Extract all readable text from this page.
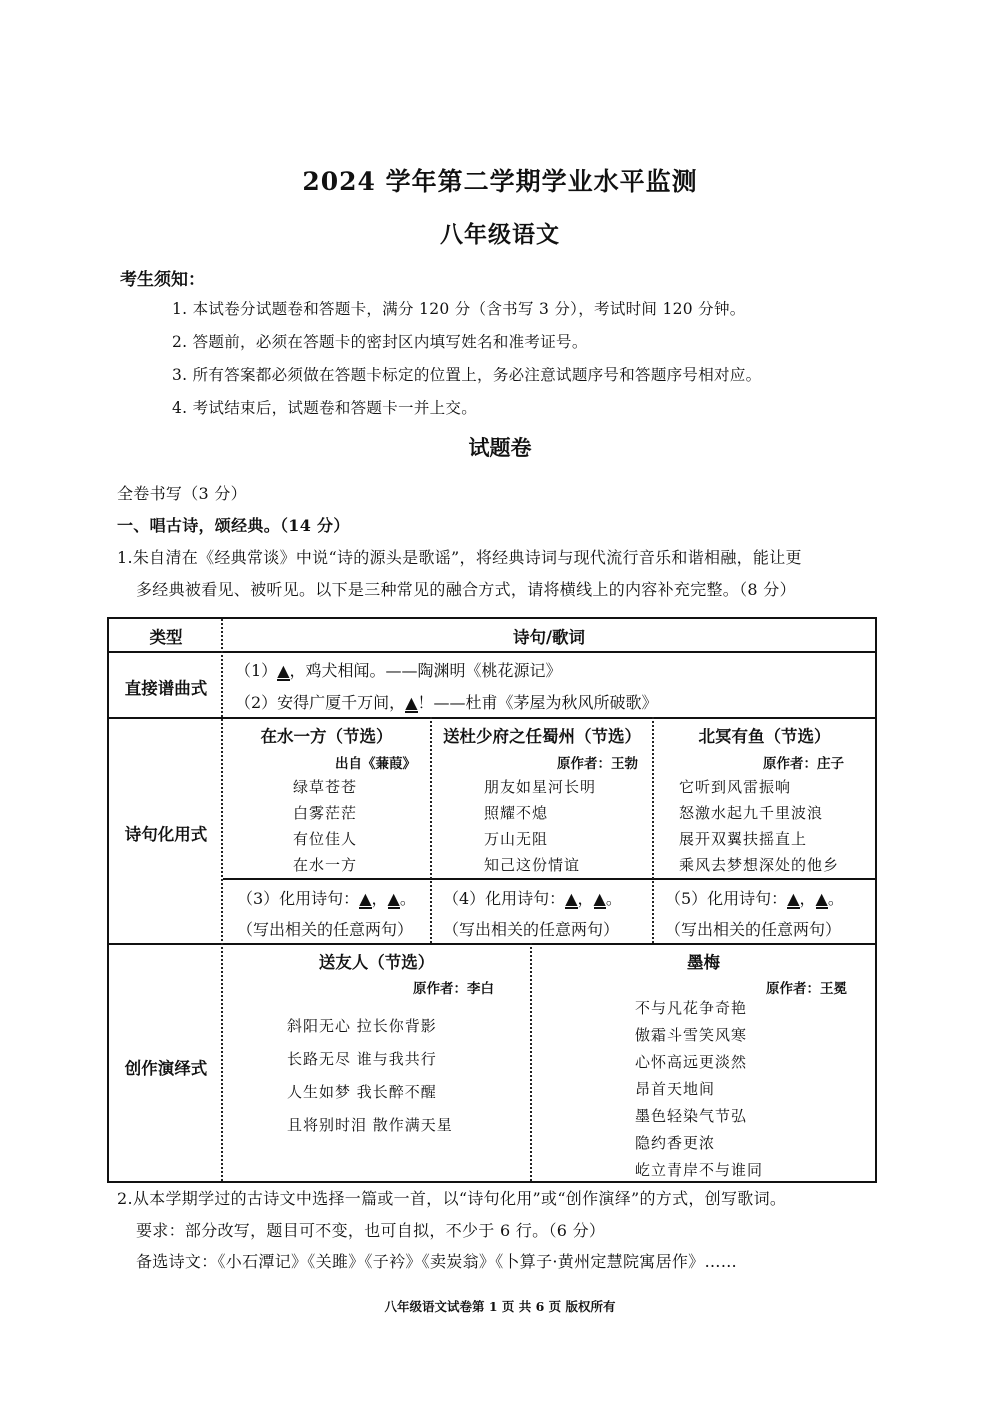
2024 学年第二学期学业水平监测
八年级语文
考生须知：
1. 本试卷分试题卷和答题卡，满分 120 分（含书写 3 分），考试时间 120 分钟。
2. 答题前，必须在答题卡的密封区内填写姓名和准考证号。
3. 所有答案都必须做在答题卡标定的位置上，务必注意试题序号和答题序号相对应。
4. 考试结束后，试题卷和答题卡一并上交。
试题卷
全卷书写（3 分）
一、唱古诗，颂经典。（14 分）
1.朱自清在《经典常谈》中说“诗的源头是歌谣”，将经典诗词与现代流行音乐和谐相融，能让更
多经典被看见、被听见。以下是三种常见的融合方式，请将横线上的内容补充完整。（8 分）
类型	诗句/歌词
直接谱曲式
（1）▲，鸡犬相闻。——陶渊明《桃花源记》
（2）安得广厦千万间，▲！——杜甫《茅屋为秋风所破歌》
诗句化用式
在水一方（节选）
出自《蒹葭》
绿草苍苍
白雾茫茫
有位佳人
在水一方
（3）化用诗句：▲，▲。
（写出相关的任意两句）
送杜少府之任蜀州（节选）
原作者：王勃
朋友如星河长明
照耀不熄
万山无阻
知己这份情谊
（4）化用诗句：▲，▲。
（写出相关的任意两句）
北冥有鱼（节选）
原作者：庄子
它听到风雷振响
怒激水起九千里波浪
展开双翼扶摇直上
乘风去梦想深处的他乡
（5）化用诗句：▲，▲。
（写出相关的任意两句）
创作演绎式
送友人（节选）
原作者：李白
斜阳无心 拉长你背影
长路无尽 谁与我共行
人生如梦 我长醉不醒
且将别时泪 散作满天星
墨梅
原作者：王冕
不与凡花争奇艳
傲霜斗雪笑风寒
心怀高远更淡然
昂首天地间
墨色轻染气节弘
隐约香更浓
屹立青岸不与谁同
2.从本学期学过的古诗文中选择一篇或一首，以“诗句化用”或“创作演绎”的方式，创写歌词。
要求：部分改写，题目可不变，也可自拟，不少于 6 行。（6 分）
备选诗文：《小石潭记》《关雎》《子衿》《卖炭翁》《卜算子·黄州定慧院寓居作》……
八年级语文试卷第 1 页 共 6 页 版权所有
